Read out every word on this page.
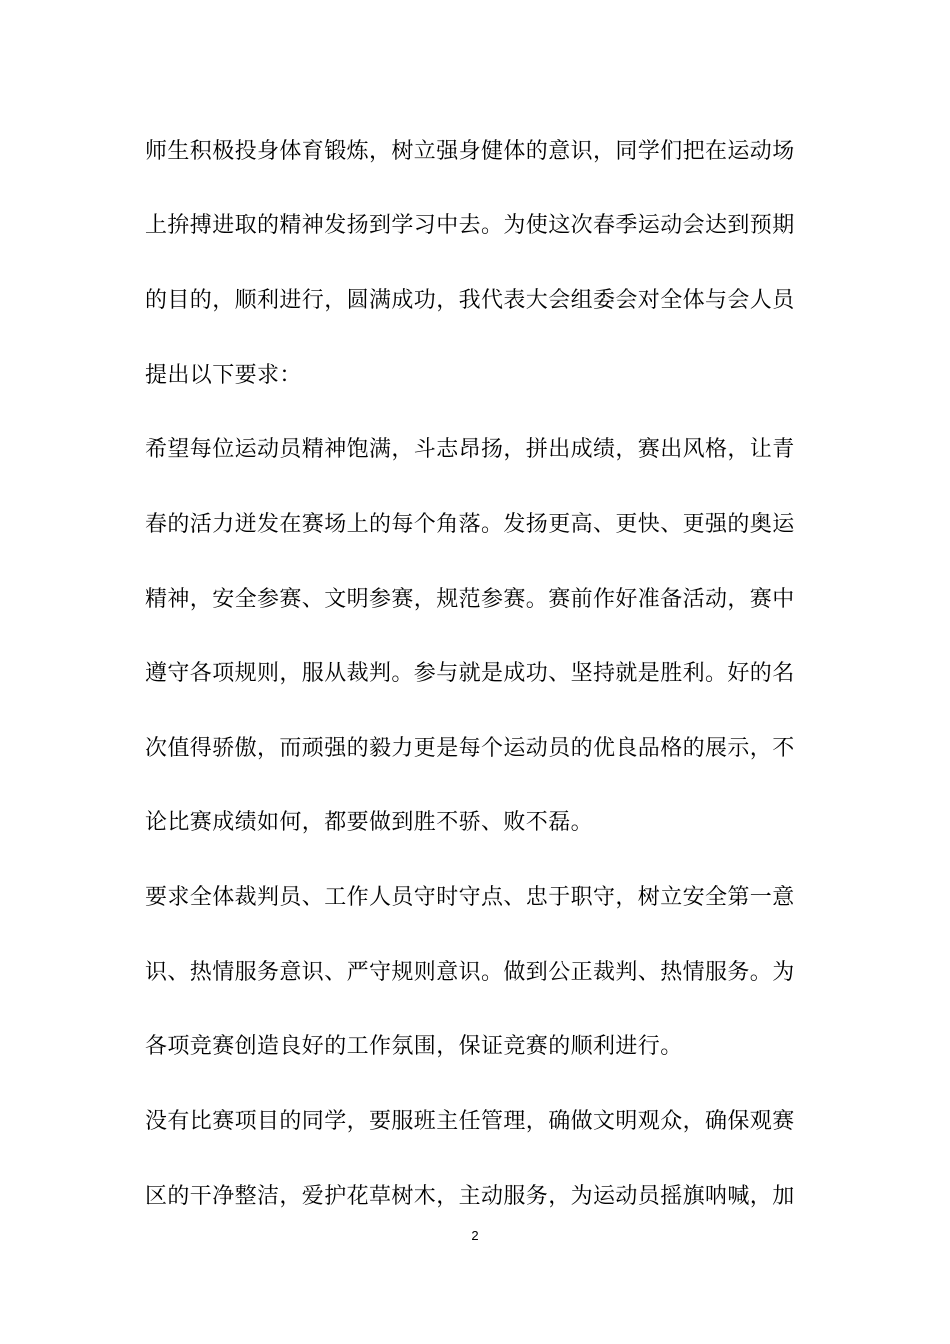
师生积极投身体育锻炼，树立强身健体的意识，同学们把在运动场
上拚搏进取的精神发扬到学习中去。为使这次春季运动会达到预期
的目的，顺利进行，圆满成功，我代表大会组委会对全体与会人员
提出以下要求：
希望每位运动员精神饱满，斗志昂扬，拼出成绩，赛出风格，让青
春的活力迸发在赛场上的每个角落。发扬更高、更快、更强的奥运
精神，安全参赛、文明参赛，规范参赛。赛前作好准备活动，赛中
遵守各项规则，服从裁判。参与就是成功、坚持就是胜利。好的名
次值得骄傲，而顽强的毅力更是每个运动员的优良品格的展示，不
论比赛成绩如何，都要做到胜不骄、败不磊。
要求全体裁判员、工作人员守时守点、忠于职守，树立安全第一意
识、热情服务意识、严守规则意识。做到公正裁判、热情服务。为
各项竞赛创造良好的工作氛围，保证竞赛的顺利进行。
没有比赛项目的同学，要服班主任管理，确做文明观众，确保观赛
区的干净整洁，爱护花草树木，主动服务，为运动员摇旗呐喊，加
2
